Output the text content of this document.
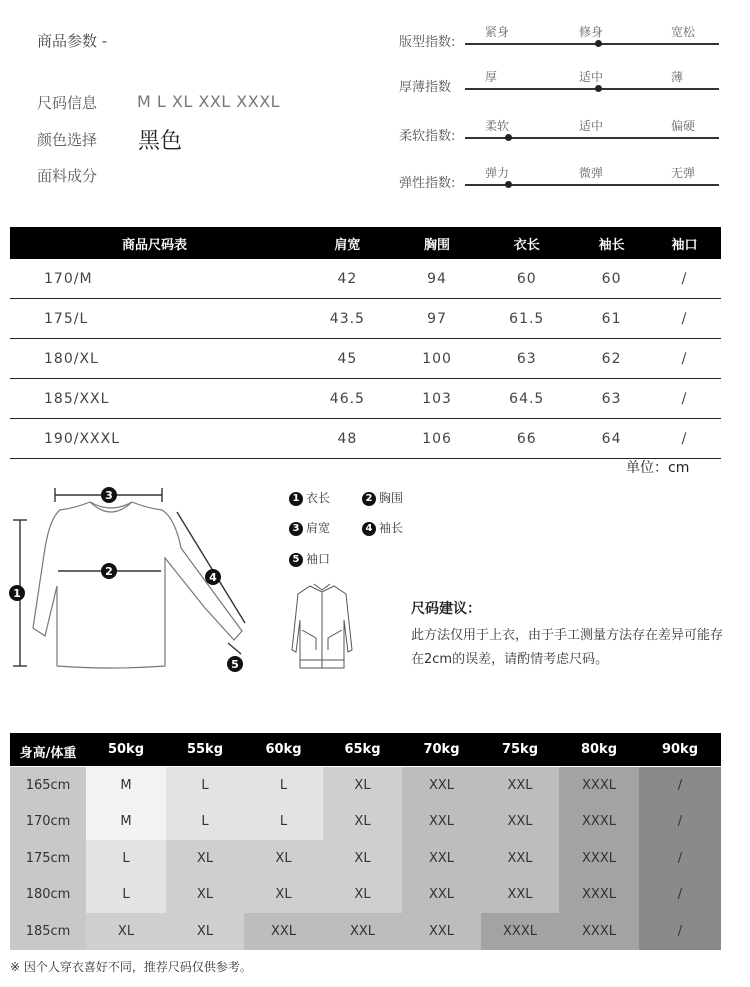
商品参数 -
尺码信息 M L XL XXL XXXL
颜色选择 黑色
面料成分
版型指数:
紧身	修身	宽松
厚薄指数
厚	适中	薄
柔软指数:
柔软	适中	偏硬
弹性指数:
弹力	微弹	无弹
商品尺码表	肩宽	胸围	衣长	袖长	袖口
170/M	42	94	60	60	/
175/L	43.5	97	61.5	61	/
180/XL	45	100	63	62	/
185/XXL	46.5	103	64.5	63	/
190/XXXL	48	106	66	64	/
单位：cm
3
2
1
4
5
1 衣长	2 胸围
3 肩宽	4 袖长
5 袖口
尺码建议：
此方法仅用于上衣，由于手工测量方法存在差异可能存在2cm的误差，请酌情考虑尺码。
身高/体重	50kg	55kg	60kg	65kg	70kg	75kg	80kg	90kg
165cm	M	L	L	XL	XXL	XXL	XXXL	/
170cm	M	L	L	XL	XXL	XXL	XXXL	/
175cm	L	XL	XL	XL	XXL	XXL	XXXL	/
180cm	L	XL	XL	XL	XXL	XXL	XXXL	/
185cm	XL	XL	XXL	XXL	XXL	XXXL	XXXL	/
※ 因个人穿衣喜好不同，推荐尺码仅供参考。
